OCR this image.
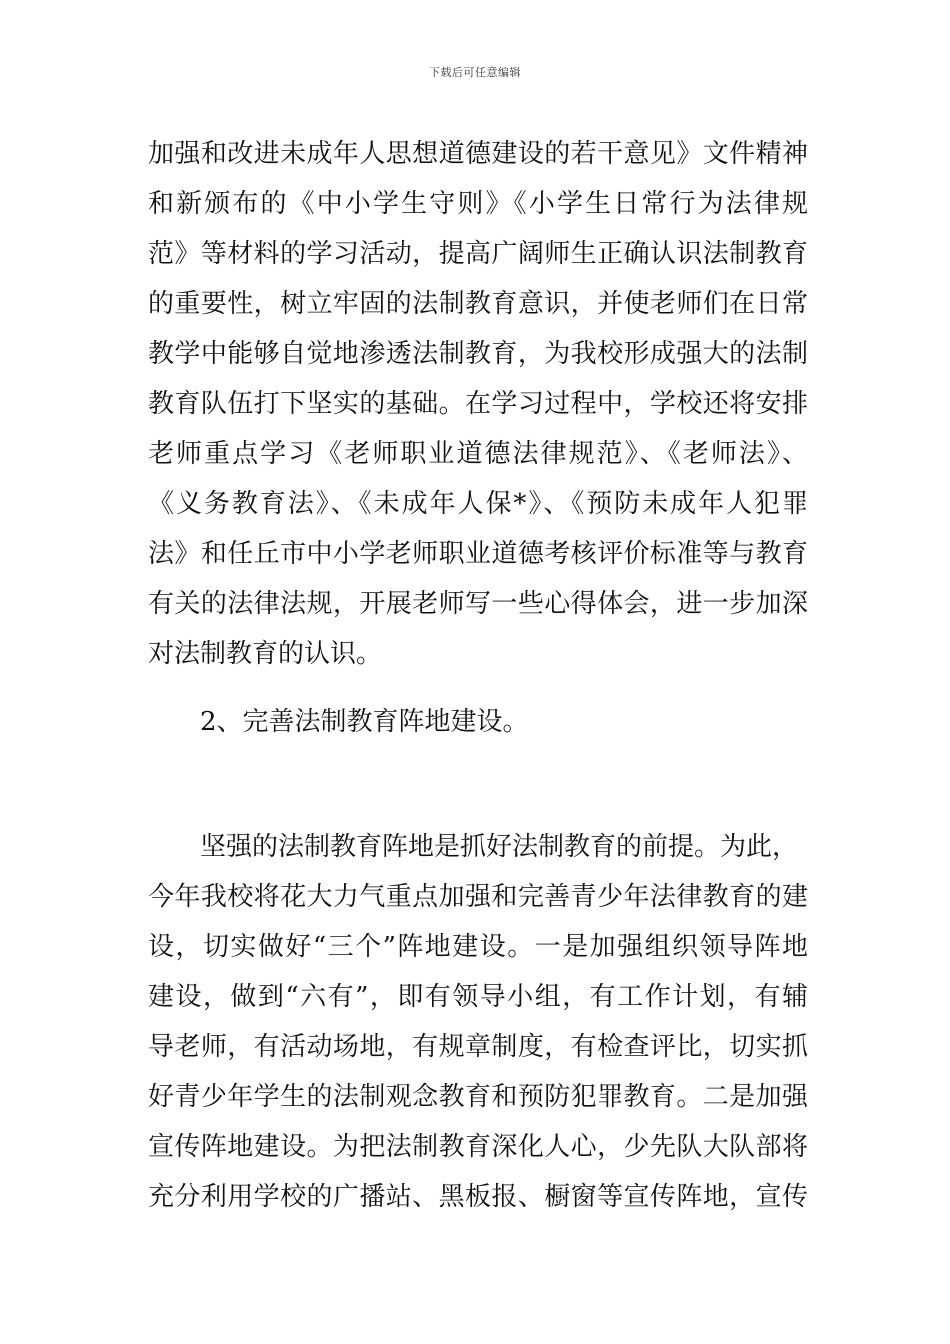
下载后可任意编辑
加强和改进未成年人思想道德建设的若干意见》文件精神
和新颁布的《中小学生守则》《小学生日常行为法律规
范》等材料的学习活动，提高广阔师生正确认识法制教育
的重要性，树立牢固的法制教育意识，并使老师们在日常
教学中能够自觉地渗透法制教育，为我校形成强大的法制
教育队伍打下坚实的基础。在学习过程中，学校还将安排
老师重点学习《老师职业道德法律规范》、《老师法》、
《义务教育法》、《未成年人保*》、《预防未成年人犯罪
法》和任丘市中小学老师职业道德考核评价标准等与教育
有关的法律法规，开展老师写一些心得体会，进一步加深
对法制教育的认识。
2、完善法制教育阵地建设。
坚强的法制教育阵地是抓好法制教育的前提。为此，
今年我校将花大力气重点加强和完善青少年法律教育的建
设，切实做好“三个”阵地建设。一是加强组织领导阵地
建设，做到“六有”，即有领导小组，有工作计划，有辅
导老师，有活动场地，有规章制度，有检查评比，切实抓
好青少年学生的法制观念教育和预防犯罪教育。二是加强
宣传阵地建设。为把法制教育深化人心，少先队大队部将
充分利用学校的广播站、黑板报、橱窗等宣传阵地，宣传
